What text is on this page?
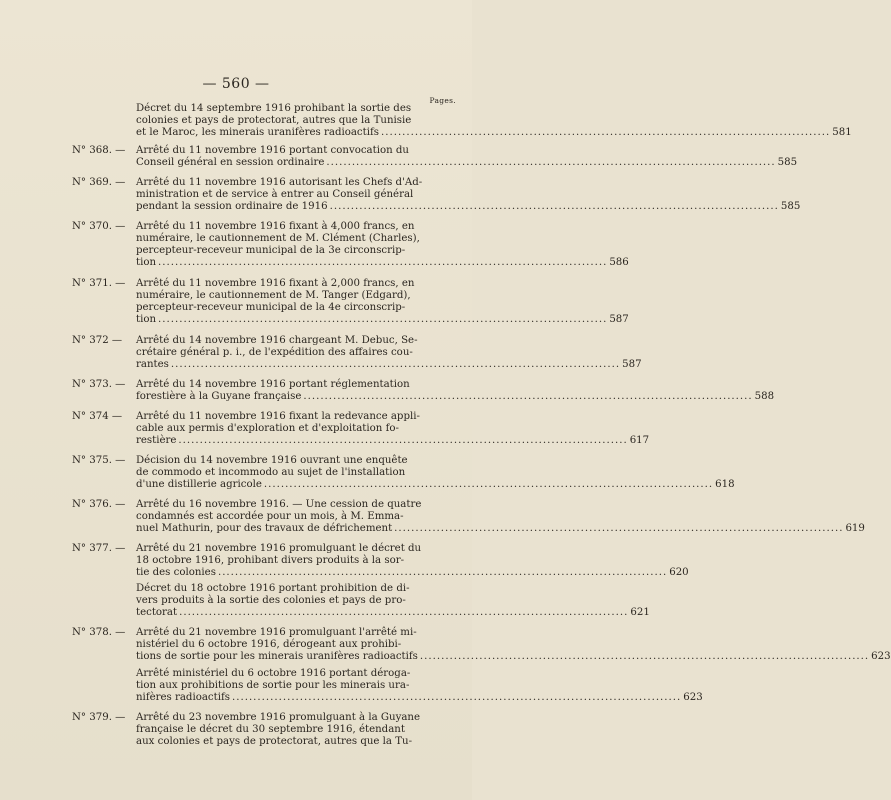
— 560 —
Pages.
Décret du 14 septembre 1916 prohibant la sortie des
colonies et pays de protectorat, autres que la Tunisie
et le Maroc, les minerais uranifères radioactifs .....	581
N° 368. — Arrêté du 11 novembre 1916 portant convocation du
Conseil général en session ordinaire .....	585
N° 369. — Arrêté du 11 novembre 1916 autorisant les Chefs d'Ad-
ministration et de service à entrer au Conseil général
pendant la session ordinaire de 1916 .....	585
N° 370. — Arrêté du 11 novembre 1916 fixant à 4,000 francs, en
numéraire, le cautionnement de M. Clément (Charles),
percepteur-receveur municipal de la 3e circonscrip-
tion .....	586
N° 371. — Arrêté du 11 novembre 1916 fixant à 2,000 francs, en
numéraire, le cautionnement de M. Tanger (Edgard),
percepteur-receveur municipal de la 4e circonscrip-
tion .....	587
N° 372 — Arrêté du 14 novembre 1916 chargeant M. Debuc, Se-
crétaire général p. i., de l'expédition des affaires cou-
rantes .....	587
N° 373. — Arrêté du 14 novembre 1916 portant réglementation
forestière à la Guyane française .....	588
N° 374 — Arrêté du 11 novembre 1916 fixant la redevance appli-
cable aux permis d'exploration et d'exploitation fo-
restière .....	617
N° 375. — Décision du 14 novembre 1916 ouvrant une enquête
de commodo et incommodo au sujet de l'installation
d'une distillerie agricole .....	618
N° 376. — Arrêté du 16 novembre 1916. — Une cession de quatre
condamnés est accordée pour un mois, à M. Emma-
nuel Mathurin, pour des travaux de défrichement .....	619
N° 377. — Arrêté du 21 novembre 1916 promulguant le décret du
18 octobre 1916, prohibant divers produits à la sor-
tie des colonies .....	620
Décret du 18 octobre 1916 portant prohibition de di-
vers produits à la sortie des colonies et pays de pro-
tectorat .....	621
N° 378. — Arrêté du 21 novembre 1916 promulguant l'arrêté mi-
nistériel du 6 octobre 1916, dérogeant aux prohibi-
tions de sortie pour les minerais uranifères radioactifs .....	623
Arrêté ministériel du 6 octobre 1916 portant déroga-
tion aux prohibitions de sortie pour les minerais ura-
nifères radioactifs .....	623
N° 379. — Arrêté du 23 novembre 1916 promulguant à la Guyane
française le décret du 30 septembre 1916, étendant
aux colonies et pays de protectorat, autres que la Tu-
